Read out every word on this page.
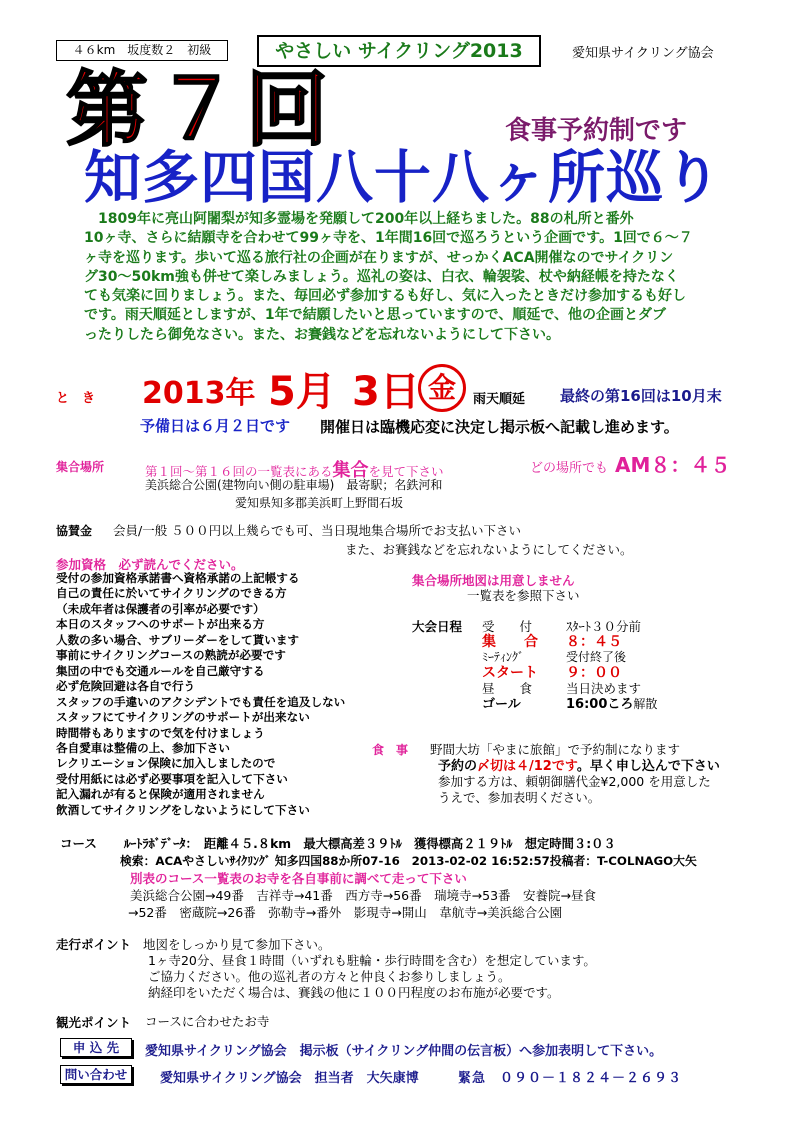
４６km　坂度数２　初級	やさしい サイクリング2013	愛知県サイクリング協会
第７回	食事予約制です
知多四国八十八ヶ所巡り
　1809年に亮山阿闍梨が知多霊場を発願して200年以上経ちました。88の札所と番外
10ヶ寺、さらに結願寺を合わせて99ヶ寺を、1年間16回で巡ろうという企画です。1回で６～７
ヶ寺を巡ります。歩いて巡る旅行社の企画が在りますが、せっかくACA開催なのでサイクリン
グ30～50km強も併せて楽しみましょう。巡礼の姿は、白衣、輪袈裟、杖や納経帳を持たなく
ても気楽に回りましょう。また、毎回必ず参加するも好し、気に入ったときだけ参加するも好し
です。雨天順延としますが、1年で結願したいと思っていますので、順延で、他の企画とダブ
ったりしたら御免なさい。また、お賽銭などを忘れないようにして下さい。
と　き 2013年 5月 3日 金	雨天順延 最終の第16回は10月末
予備日は６月２日です 開催日は臨機応変に決定し掲示板へ記載し進めます。
集合場所	第１回～第１６回の一覧表にある集合を見て下さい	どの場所でも AM８：４５
美浜総合公園(建物向い側の駐車場)　最寄駅；名鉄河和
愛知県知多郡美浜町上野間石坂
協賛金 会員/一般 ５００円以上幾らでも可、当日現地集合場所でお支払い下さい
また、お賽銭などを忘れないようにしてください。
参加資格　必ず読んでください。
受付の参加資格承諾書へ資格承諾の上記帳する
自己の責任に於いてサイクリングのできる方
（未成年者は保護者の引率が必要です）
本日のスタッフへのサポートが出来る方
人数の多い場合、サブリーダーをして貰います
事前にサイクリングコースの熟読が必要です
集団の中でも交通ルールを自己厳守する
必ず危険回避は各自で行う
スタッフの手違いのアクシデントでも責任を追及しない
スタッフにてサイクリングのサポートが出来ない
時間帯もありますので気を付けましょう
各自愛車は整備の上、参加下さい
レクリエーション保険に加入しましたので
受付用紙には必ず必要事項を記入して下さい
記入漏れが有ると保険が適用されません
飲酒してサイクリングをしないようにして下さい
集合場所地図は用意しません
一覧表を参照下さい
大会日程 受　　付	ｽﾀｰﾄ３０分前
集　　合 ８：４５
ﾐｰﾃｨﾝｸﾞ	受付終了後
スタート ９：００
昼　　食	当日決めます
ゴール	16:00ころ解散
食　事 野間大坊「やまに旅館」で予約制になります
予約の〆切は４/12です。早く申し込んで下さい
参加する方は、頼朝御膳代金¥2,000 を用意した
うえで、参加表明ください。
コース ﾙｰﾄﾗﾎﾞﾃﾞｰﾀ：　距離４５.８km　最大標高差３９ﾄﾙ　獲得標高２１９ﾄﾙ　想定時間３:０３
検索：ACAやさしいｻｲｸﾘﾝｸﾞ 知多四国88か所07-16　2013-02-02 16:52:57投稿者：T-COLNAGO大矢
別表のコース一覧表のお寺を各自事前に調べて走って下さい
美浜総合公園→49番　吉祥寺→41番　西方寺→56番　瑞境寺→53番　安養院→昼食
→52番　密蔵院→26番　弥勒寺→番外　影現寺→開山　韋航寺→美浜総合公園
走行ポイント 地図をしっかり見て参加下さい。
1ヶ寺20分、昼食１時間（いずれも駐輪・歩行時間を含む）を想定しています。
ご協力ください。他の巡礼者の方々と仲良くお参りしましょう。
納経印をいただく場合は、賽銭の他に１００円程度のお布施が必要です。
観光ポイント コースに合わせたお寺
申 込 先	愛知県サイクリング協会　掲示板（サイクリング仲間の伝言板）へ参加表明して下さい。
問い合わせ	愛知県サイクリング協会　担当者　大矢康博	緊急　０９０－１８２４－２６９３
